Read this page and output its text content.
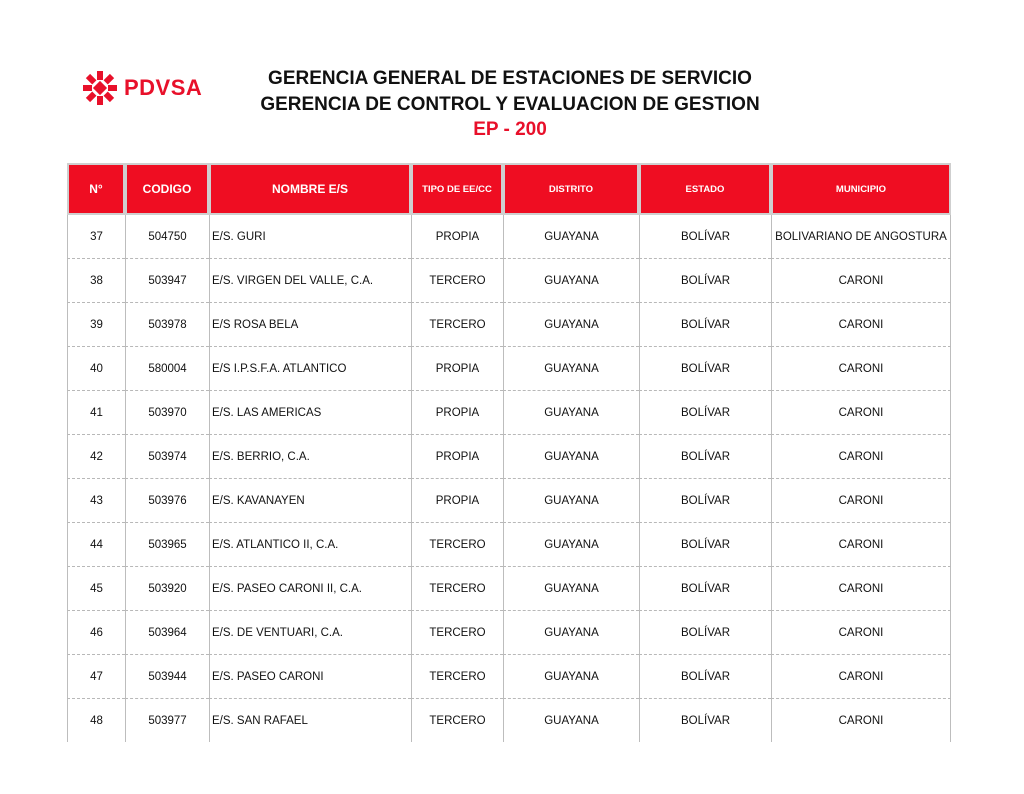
PDVSA	GERENCIA GENERAL DE ESTACIONES DE SERVICIO
GERENCIA DE CONTROL Y EVALUACION DE GESTION
EP - 200
N°	CODIGO	NOMBRE E/S	TIPO DE EE/CC	DISTRITO	ESTADO	MUNICIPIO
37	504750	E/S. GURI	PROPIA	GUAYANA	BOLÍVAR	BOLIVARIANO DE ANGOSTURA
38	503947	E/S. VIRGEN DEL VALLE, C.A.	TERCERO	GUAYANA	BOLÍVAR	CARONI
39	503978	E/S ROSA BELA	TERCERO	GUAYANA	BOLÍVAR	CARONI
40	580004	E/S I.P.S.F.A. ATLANTICO	PROPIA	GUAYANA	BOLÍVAR	CARONI
41	503970	E/S. LAS AMERICAS	PROPIA	GUAYANA	BOLÍVAR	CARONI
42	503974	E/S. BERRIO, C.A.	PROPIA	GUAYANA	BOLÍVAR	CARONI
43	503976	E/S. KAVANAYEN	PROPIA	GUAYANA	BOLÍVAR	CARONI
44	503965	E/S. ATLANTICO II, C.A.	TERCERO	GUAYANA	BOLÍVAR	CARONI
45	503920	E/S. PASEO CARONI II, C.A.	TERCERO	GUAYANA	BOLÍVAR	CARONI
46	503964	E/S. DE VENTUARI, C.A.	TERCERO	GUAYANA	BOLÍVAR	CARONI
47	503944	E/S. PASEO CARONI	TERCERO	GUAYANA	BOLÍVAR	CARONI
48	503977	E/S. SAN RAFAEL	TERCERO	GUAYANA	BOLÍVAR	CARONI
